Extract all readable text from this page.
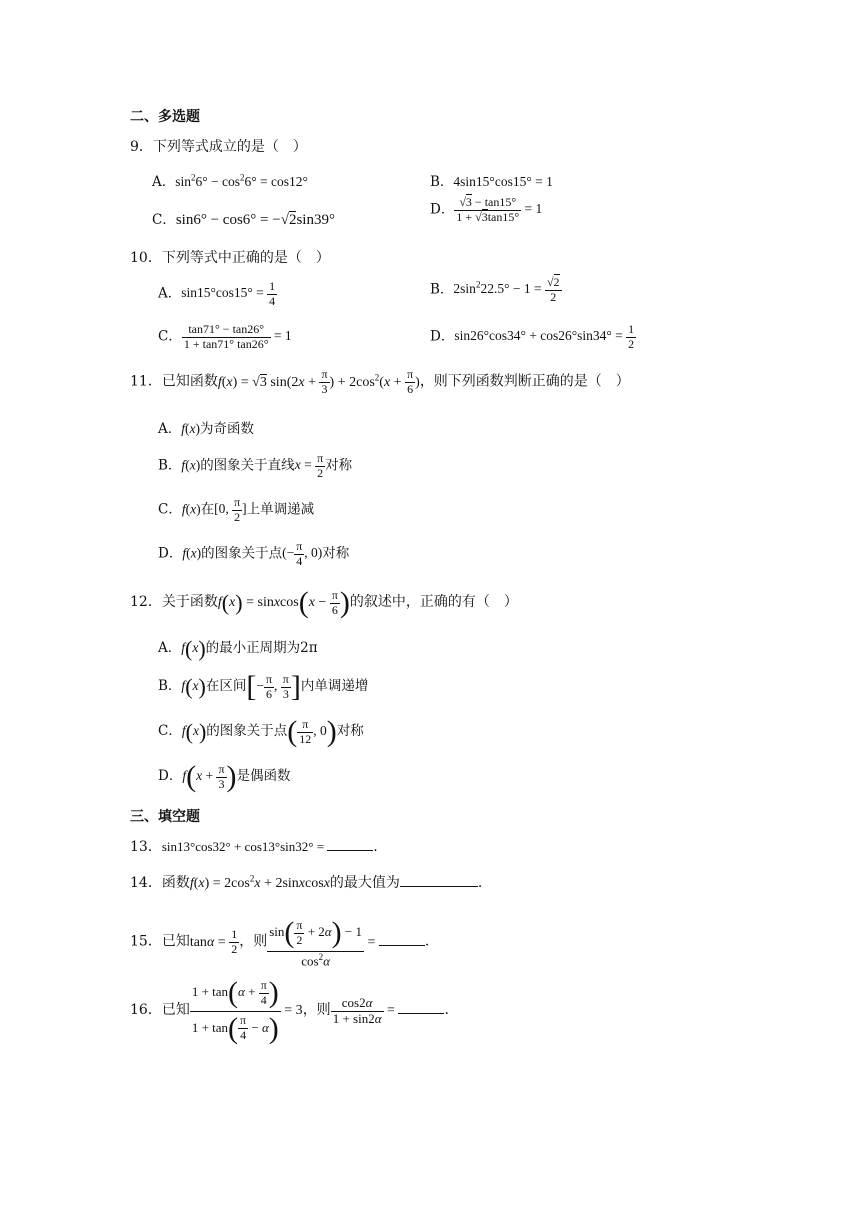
二、多选题
9．下列等式成立的是（　）
A．$\sin^26^\circ - \cos^26^\circ = \cos 12^\circ$	B．4sin15°cos15° = 1
C．sin6° − cos6° = −√2sin39°
D． $\frac{√3 - \tan 15^\circ}{1 + √3\tan 15^\circ} = 1$
10．下列等式中正确的是（　）
A．$\sin 15^\circ\cos 15^\circ = \frac{1}{4}$	B．$2\sin^222.5^\circ - 1 = \frac{√2}{2}$
C． $\frac{\tan 71^\circ - \tan 26^\circ}{1 + \tan 71^\circ \tan 26^\circ} = 1$	D．$\sin 26^\circ\cos 34^\circ + \cos 26^\circ\sin 34^\circ = \frac{1}{2}$
11．已知函数f(x) = √3 $\sin(2x + \frac{\pi}{3}$ ) + $2\cos^2(x + \frac{\pi}{6}$ )，则下列函数判断正确的是（　）
A．f(x)为奇函数
B．f(x)的图象关于直线$x = \frac{\pi}{2}$ 对称
C．f(x)在[0, $\frac{\pi}{2}$ ]上单调递减
D．f(x)的图象关于点(− $\frac{\pi}{4}$ , 0)对称
12．关于函数f(x) = sinxcos(x − $\frac{\pi}{6}$ )的叙述中，正确的有（　）
A．f(x)的最小正周期为2π
B．f(x)在区间[− $\frac{\pi}{6}$ , $\frac{\pi}{3}$ ]内单调递增
C．f(x)的图象关于点( $\frac{\pi}{12}$ , 0)对称
D．$f(x + \frac{\pi}{3}$ )是偶函数
三、填空题
13．sin13°cos32° + cos13°sin32° =	.
14．函数$f(x) = 2\cos^2x$ + 2sinxcosx的最大值为	.
15．已知$\tan\alpha = \frac{1}{2}$ ，则 $\frac{\sin( \frac{\pi}{2} + 2\alpha) - 1}{\cos^2\alpha}$ =	.
16．已知 $\frac{1 + \tan(\alpha + \frac{\pi}{4} )}{1 + \tan( \frac{\pi}{4} - \alpha)} = 3$，则 $\frac{\cos 2\alpha}{1 + \sin 2\alpha}$ =	.
